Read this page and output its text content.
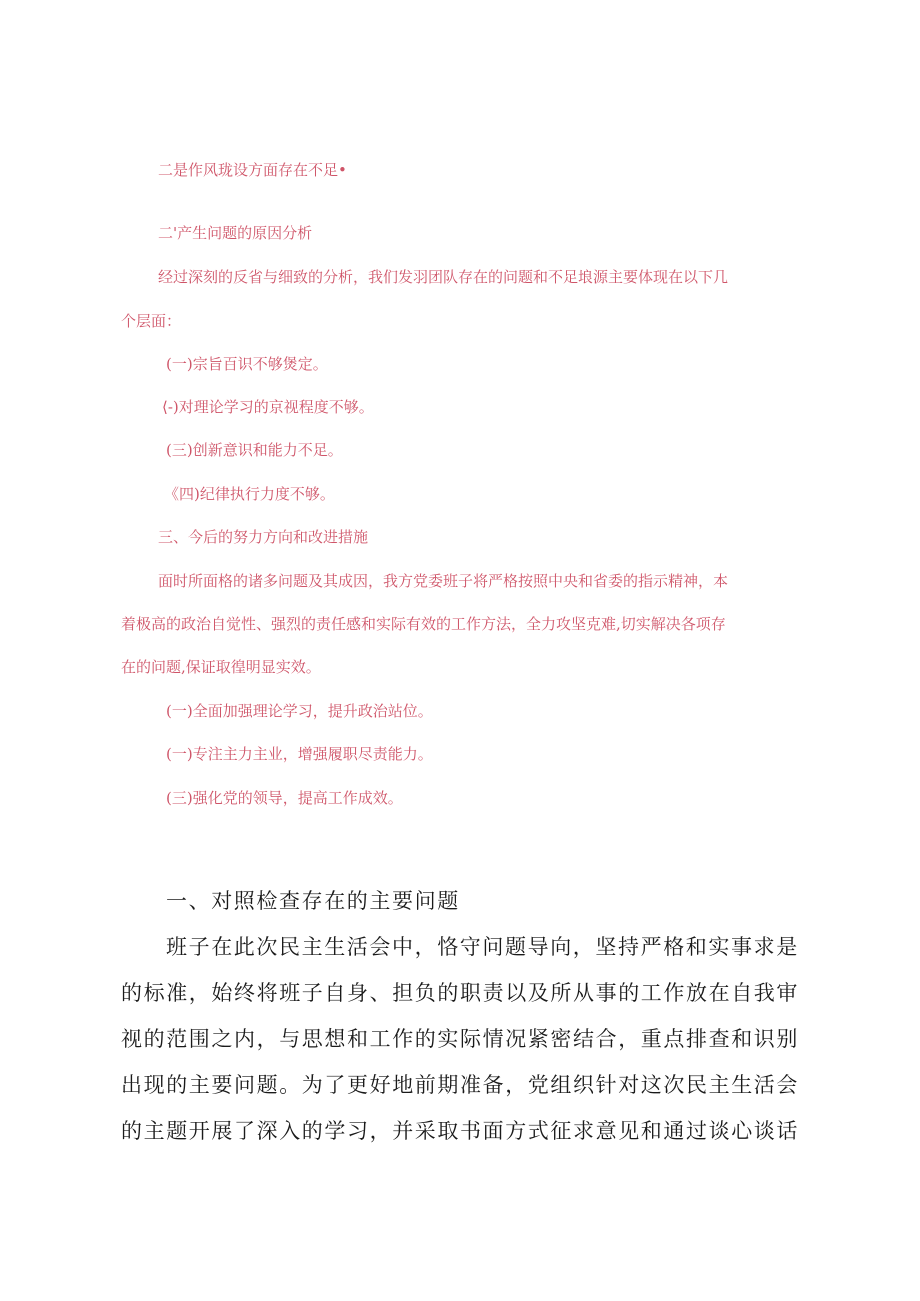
二是作风珑设方面存在不足•
二'产生问题的原因分析
经过深刻的反省与细致的分析，我们发羽团队存在的问题和不足埌源主要体现在以下几
个层面：
(一)宗旨百识不够煲定。
⟨-)对理论学习的京视程度不够。
(三)创新意识和能力不足。
《四)纪律执行力度不够。
三、今后的努力方向和改进措施
面时所面格的诸多问题及其成因，我方党委班子将严格按照中央和省委的指示精神，本
着极高的政治自觉性、强烈的责任感和实际有效的工作方法，全力攻坚克难,切实解决各项存
在的问题,保证取徨明显实效。
(一)全面加强理论学习，提升政治站位。
(一)专注主力主业，增强履职尽责能力。
(三)强化党的领导，提高工作成效。
一、对照检查存在的主要问题
班子在此次民主生活会中，恪守问题导向，坚持严格和实事求是
的标准，始终将班子自身、担负的职责以及所从事的工作放在自我审
视的范围之内，与思想和工作的实际情况紧密结合，重点排查和识别
出现的主要问题。为了更好地前期准备，党组织针对这次民主生活会
的主题开展了深入的学习，并采取书面方式征求意见和通过谈心谈话
